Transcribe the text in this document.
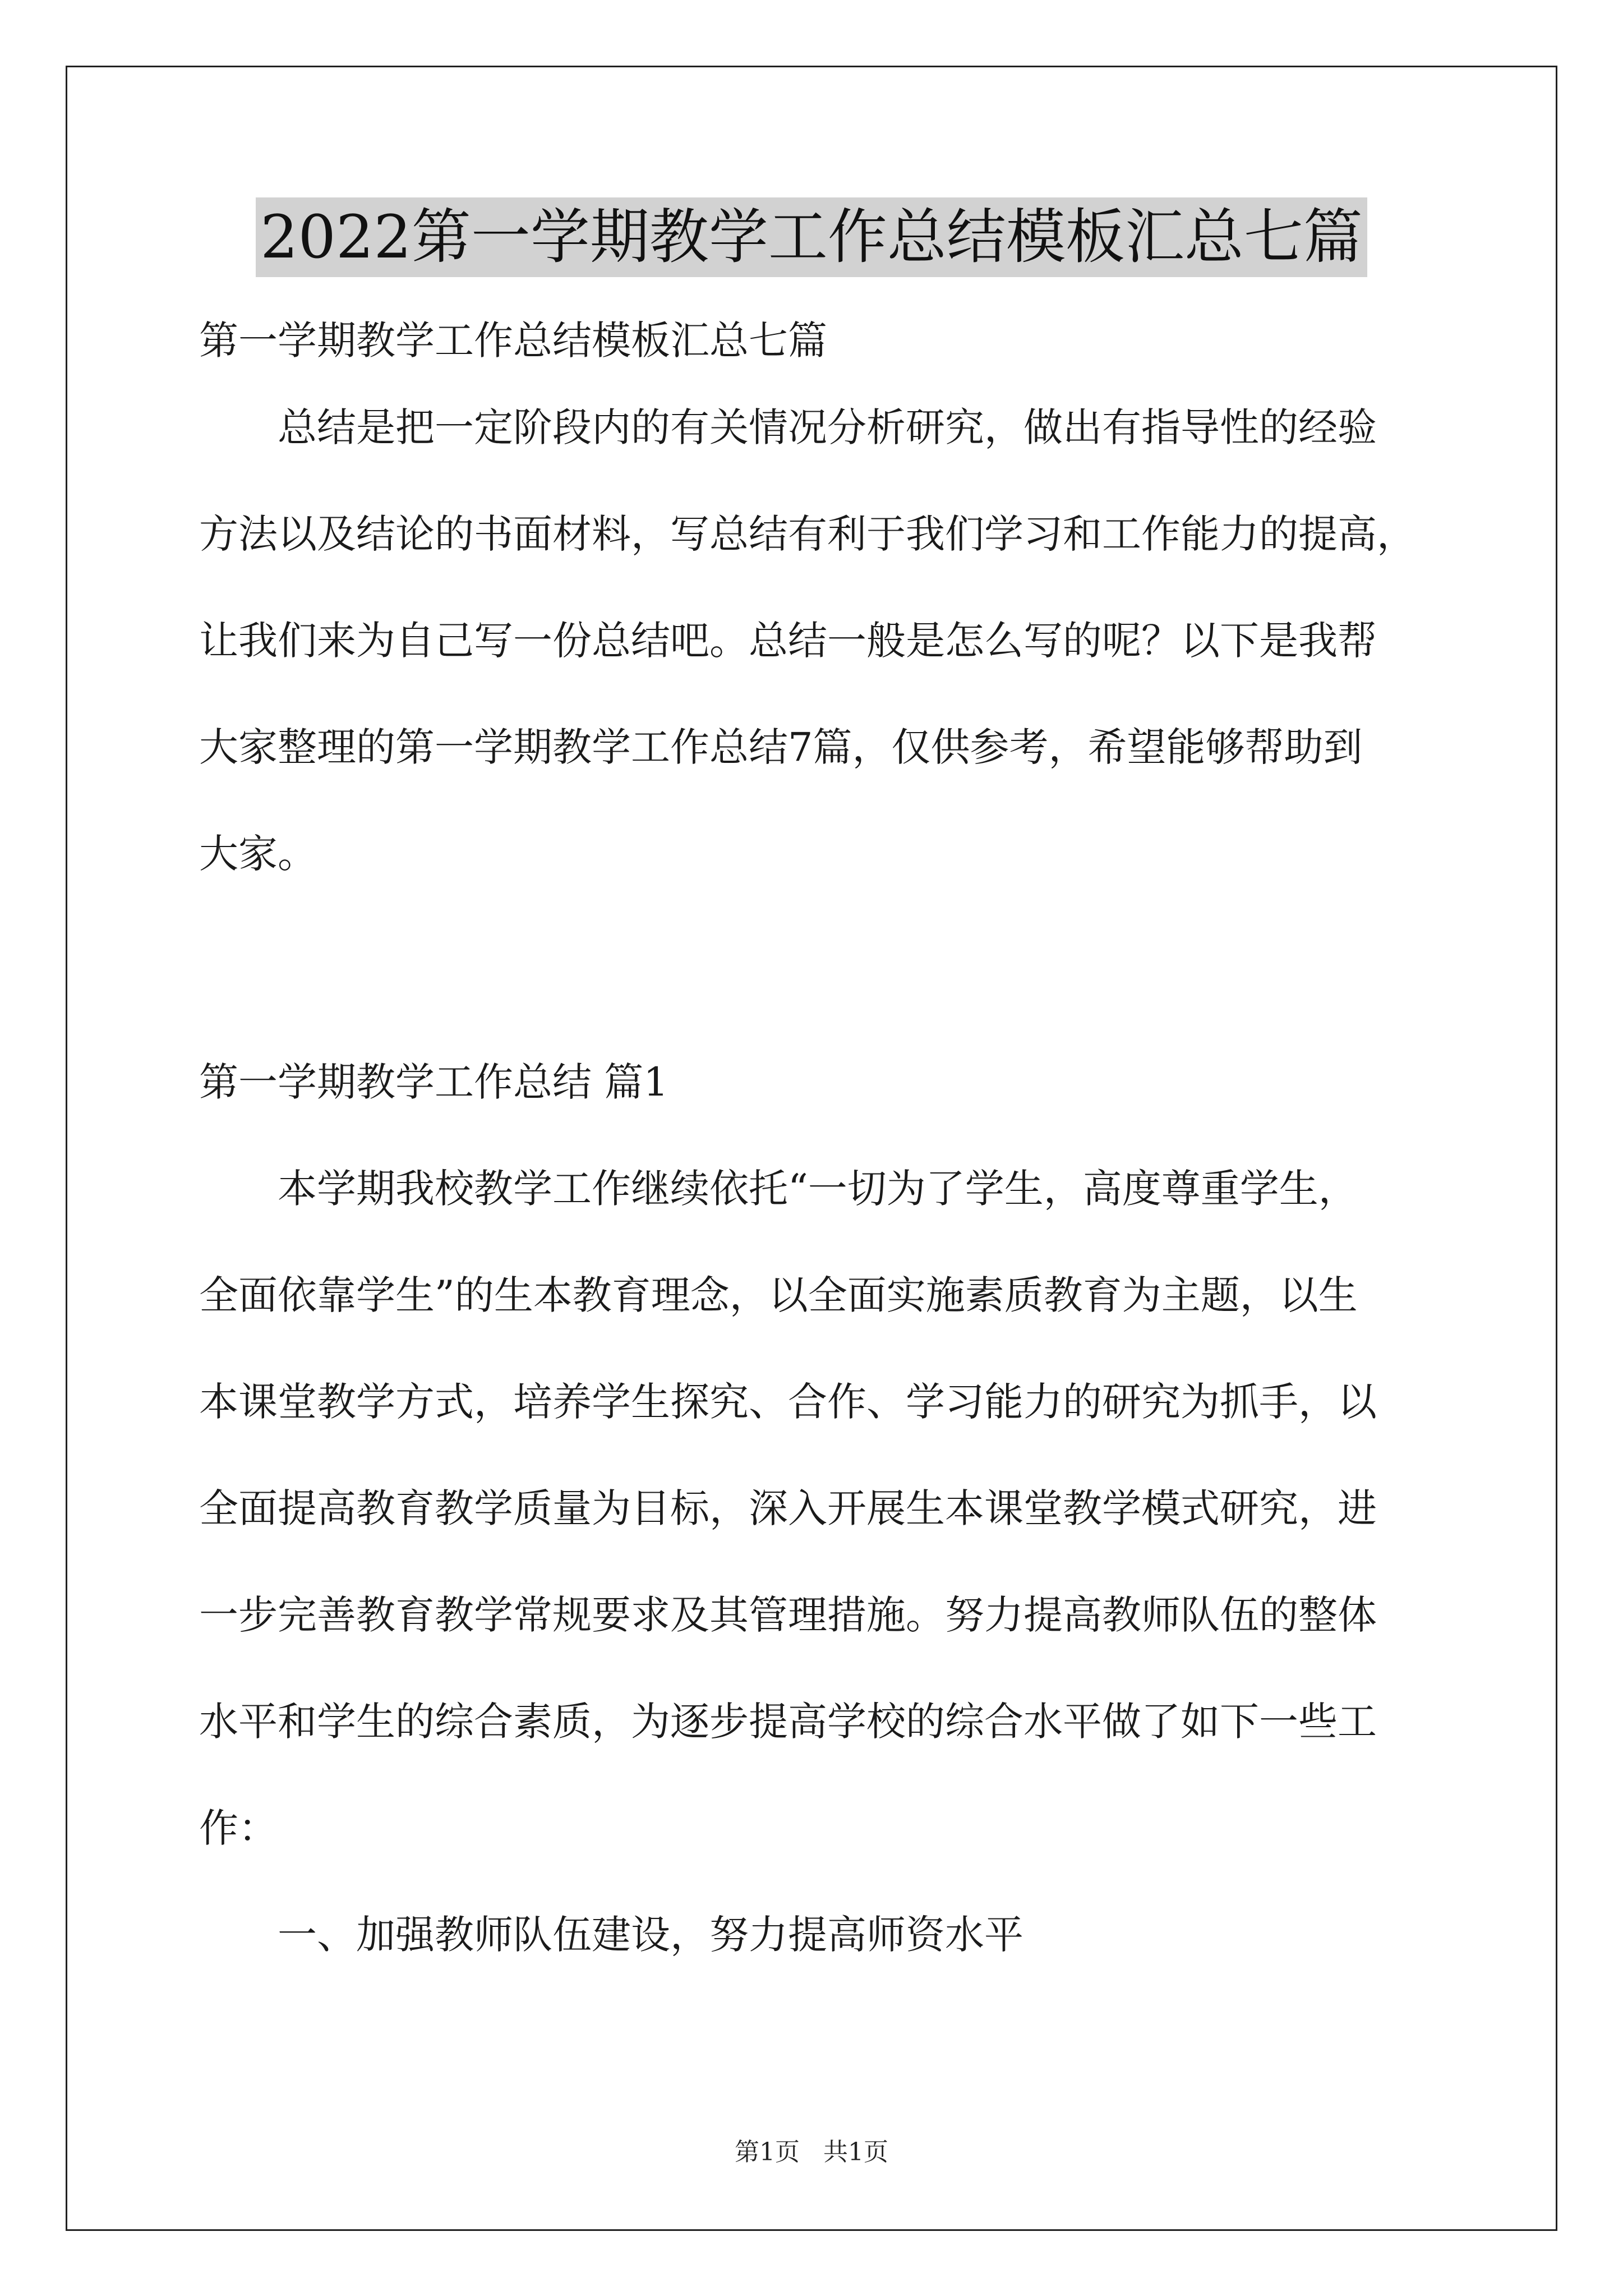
2022第一学期教学工作总结模板汇总七篇
第一学期教学工作总结模板汇总七篇
　　总结是把一定阶段内的有关情况分析研究，做出有指导性的经验
方法以及结论的书面材料，写总结有利于我们学习和工作能力的提高，
让我们来为自己写一份总结吧。总结一般是怎么写的呢？以下是我帮
大家整理的第一学期教学工作总结7篇，仅供参考，希望能够帮助到
大家。
第一学期教学工作总结 篇1
　　本学期我校教学工作继续依托“一切为了学生，高度尊重学生，
全面依靠学生”的生本教育理念，以全面实施素质教育为主题，以生
本课堂教学方式，培养学生探究、合作、学习能力的研究为抓手，以
全面提高教育教学质量为目标，深入开展生本课堂教学模式研究，进
一步完善教育教学常规要求及其管理措施。努力提高教师队伍的整体
水平和学生的综合素质，为逐步提高学校的综合水平做了如下一些工
作：
　　一、加强教师队伍建设，努力提高师资水平
第1页 共1页
